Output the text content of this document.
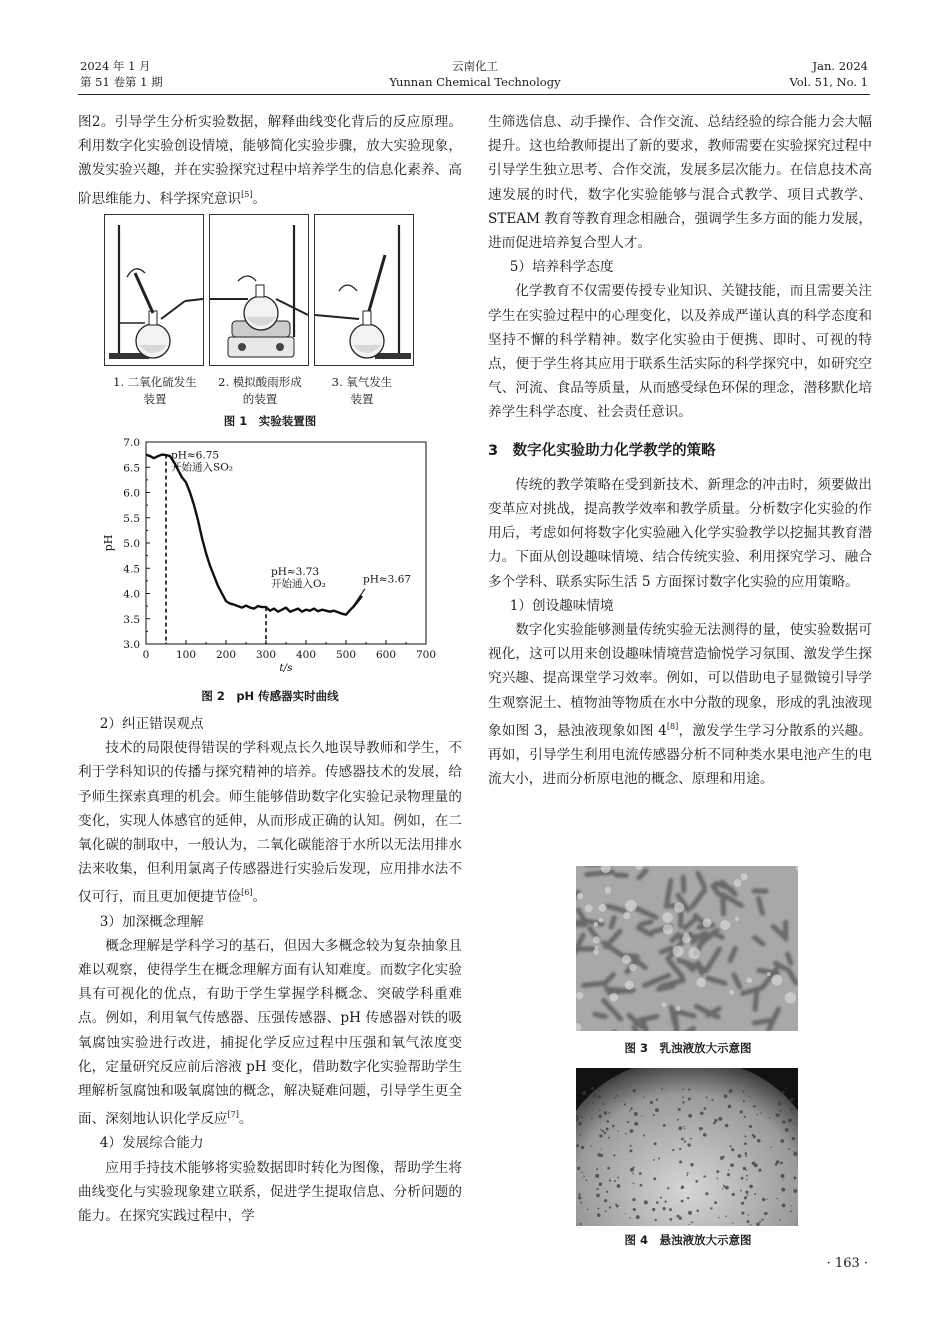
2024 年 1 月
第 51 卷第 1 期
云南化工
Yunnan Chemical Technology
Jan. 2024
Vol. 51, No. 1

图2。引导学生分析实验数据，解释曲线变化背后的反应原理。利用数字化实验创设情境，能够简化实验步骤，放大实验现象，激发实验兴趣，并在实验探究过程中培养学生的信息化素养、高阶思维能力、科学探究意识[5]。

1. 二氧化硫发生
装置
2. 模拟酸雨形成
的装置
3. 氧气发生
装置
图 1　实验装置图
3.0
3.5
4.0
4.5
5.0
5.5
6.0
6.5
7.0
0	100 200 300 400 500 600 700
t/s
pH
pH≈6.75
开始通入SO₂
pH≈3.73
开始通入O₂	pH≈3.67
图 2　pH 传感器实时曲线

2）纠正错误观点

技术的局限使得错误的学科观点长久地误导教师和学生，不利于学科知识的传播与探究精神的培养。传感器技术的发展，给予师生探索真理的机会。师生能够借助数字化实验记录物理量的变化，实现人体感官的延伸，从而形成正确的认知。例如，在二氧化碳的制取中，一般认为，二氧化碳能溶于水所以无法用排水法来收集，但利用氯离子传感器进行实验后发现，应用排水法不仅可行，而且更加便捷节俭[6]。

3）加深概念理解

概念理解是学科学习的基石，但因大多概念较为复杂抽象且难以观察，使得学生在概念理解方面有认知难度。而数字化实验具有可视化的优点，有助于学生掌握学科概念、突破学科重难点。例如，利用氧气传感器、压强传感器、pH 传感器对铁的吸氧腐蚀实验进行改进，捕捉化学反应过程中压强和氧气浓度变化，定量研究反应前后溶液 pH 变化，借助数字化实验帮助学生理解析氢腐蚀和吸氧腐蚀的概念，解决疑难问题，引导学生更全面、深刻地认识化学反应[7]。

4）发展综合能力

应用手持技术能够将实验数据即时转化为图像，帮助学生将曲线变化与实验现象建立联系，促进学生提取信息、分析问题的能力。在探究实践过程中，学

生筛选信息、动手操作、合作交流、总结经验的综合能力会大幅提升。这也给教师提出了新的要求，教师需要在实验探究过程中引导学生独立思考、合作交流，发展多层次能力。在信息技术高速发展的时代，数字化实验能够与混合式教学、项目式教学、STEAM 教育等教育理念相融合，强调学生多方面的能力发展，进而促进培养复合型人才。

5）培养科学态度

化学教育不仅需要传授专业知识、关键技能，而且需要关注学生在实验过程中的心理变化，以及养成严谨认真的科学态度和坚持不懈的科学精神。数字化实验由于便携、即时、可视的特点，便于学生将其应用于联系生活实际的科学探究中，如研究空气、河流、食品等质量，从而感受绿色环保的理念，潜移默化培养学生科学态度、社会责任意识。

3　数字化实验助力化学教学的策略

传统的教学策略在受到新技术、新理念的冲击时，须要做出变革应对挑战，提高教学效率和教学质量。分析数字化实验的作用后，考虑如何将数字化实验融入化学实验教学以挖掘其教育潜力。下面从创设趣味情境、结合传统实验、利用探究学习、融合多个学科、联系实际生活 5 方面探讨数字化实验的应用策略。

1）创设趣味情境

数字化实验能够测量传统实验无法测得的量，使实验数据可视化，这可以用来创设趣味情境营造愉悦学习氛围、激发学生探究兴趣、提高课堂学习效率。例如，可以借助电子显微镜引导学生观察泥土、植物油等物质在水中分散的现象，形成的乳浊液现象如图 3，悬浊液现象如图 4[8]，激发学生学习分散系的兴趣。再如，引导学生利用电流传感器分析不同种类水果电池产生的电流大小，进而分析原电池的概念、原理和用途。

图 3　乳浊液放大示意图
图 4　悬浊液放大示意图
· 163 ·
